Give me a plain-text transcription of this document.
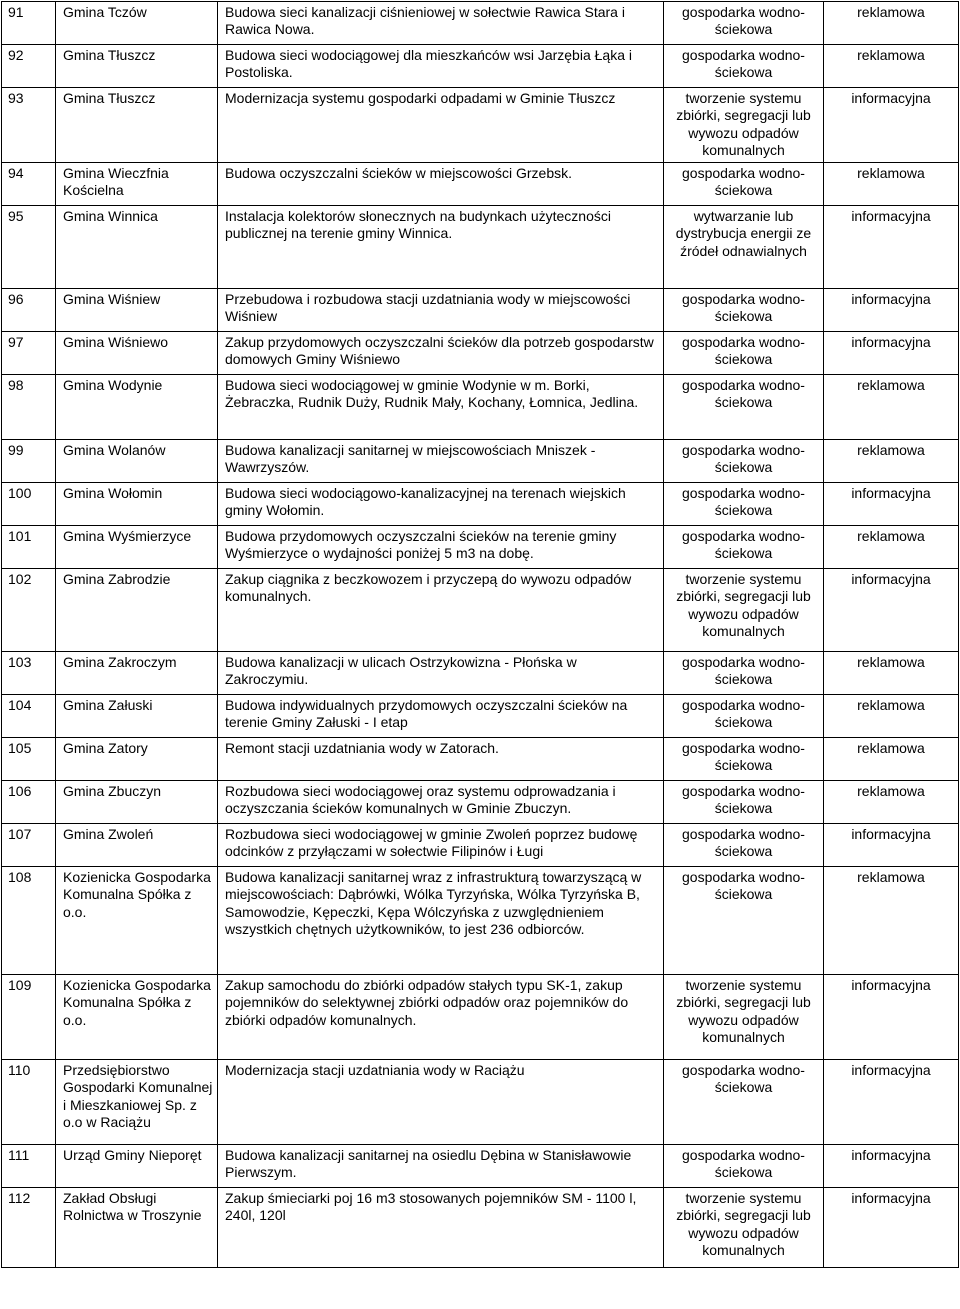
91	Gmina Tczów	Budowa sieci kanalizacji ciśnieniowej w sołectwie Rawica Stara i Rawica Nowa.	gospodarka wodno-ściekowa	reklamowa
92	Gmina Tłuszcz	Budowa sieci wodociągowej dla mieszkańców wsi Jarzębia Łąka i Postoliska.	gospodarka wodno-ściekowa	reklamowa
93	Gmina Tłuszcz	Modernizacja systemu gospodarki odpadami w Gminie Tłuszcz	tworzenie systemu zbiórki, segregacji lub wywozu odpadów komunalnych	informacyjna
94	Gmina Wieczfnia Kościelna	Budowa oczyszczalni ścieków w miejscowości Grzebsk.	gospodarka wodno-ściekowa	reklamowa
95	Gmina Winnica	Instalacja kolektorów słonecznych na budynkach użyteczności publicznej na terenie gminy Winnica.	wytwarzanie lub dystrybucja energii ze źródeł odnawialnych	informacyjna
96	Gmina Wiśniew	Przebudowa i rozbudowa stacji uzdatniania wody w miejscowości Wiśniew	gospodarka wodno-ściekowa	informacyjna
97	Gmina Wiśniewo	Zakup przydomowych oczyszczalni ścieków dla potrzeb gospodarstw domowych Gminy Wiśniewo	gospodarka wodno-ściekowa	informacyjna
98	Gmina Wodynie	Budowa sieci wodociągowej w gminie Wodynie w m. Borki, Żebraczka, Rudnik Duży, Rudnik Mały, Kochany, Łomnica, Jedlina.	gospodarka wodno-ściekowa	reklamowa
99	Gmina Wolanów	Budowa kanalizacji sanitarnej w miejscowościach Mniszek - Wawrzyszów.	gospodarka wodno-ściekowa	reklamowa
100	Gmina Wołomin	Budowa sieci wodociągowo-kanalizacyjnej na terenach wiejskich gminy Wołomin.	gospodarka wodno-ściekowa	informacyjna
101	Gmina Wyśmierzyce	Budowa przydomowych oczyszczalni ścieków na terenie gminy Wyśmierzyce o wydajności poniżej 5 m3 na dobę.	gospodarka wodno-ściekowa	reklamowa
102	Gmina Zabrodzie	Zakup ciągnika z beczkowozem i przyczepą do wywozu odpadów komunalnych.	tworzenie systemu zbiórki, segregacji lub wywozu odpadów komunalnych	informacyjna
103	Gmina Zakroczym	Budowa kanalizacji w ulicach Ostrzykowizna - Płońska w Zakroczymiu.	gospodarka wodno-ściekowa	reklamowa
104	Gmina Załuski	Budowa indywidualnych przydomowych oczyszczalni ścieków na terenie Gminy Załuski - I etap	gospodarka wodno-ściekowa	reklamowa
105	Gmina Zatory	Remont stacji uzdatniania wody w Zatorach.	gospodarka wodno-ściekowa	reklamowa
106	Gmina Zbuczyn	Rozbudowa sieci wodociągowej oraz systemu odprowadzania i oczyszczania ścieków komunalnych w Gminie Zbuczyn.	gospodarka wodno-ściekowa	reklamowa
107	Gmina Zwoleń	Rozbudowa sieci wodociągowej w gminie Zwoleń poprzez budowę odcinków z przyłączami w sołectwie Filipinów i Ługi	gospodarka wodno-ściekowa	informacyjna
108	Kozienicka Gospodarka Komunalna Spółka z o.o.	Budowa kanalizacji sanitarnej wraz z infrastrukturą towarzyszącą w miejscowościach: Dąbrówki, Wólka Tyrzyńska, Wólka Tyrzyńska B, Samowodzie, Kępeczki, Kępa Wólczyńska z uzwględnieniem wszystkich chętnych użytkowników, to jest 236 odbiorców.	gospodarka wodno-ściekowa	reklamowa
109	Kozienicka Gospodarka Komunalna Spółka z o.o.	Zakup samochodu do zbiórki odpadów stałych typu SK-1, zakup pojemników do selektywnej zbiórki odpadów oraz pojemników do zbiórki odpadów komunalnych.	tworzenie systemu zbiórki, segregacji lub wywozu odpadów komunalnych	informacyjna
110	Przedsiębiorstwo Gospodarki Komunalnej i Mieszkaniowej Sp. z o.o w Raciążu	Modernizacja stacji uzdatniania wody w Raciążu	gospodarka wodno-ściekowa	informacyjna
111	Urząd Gminy Nieporęt	Budowa kanalizacji sanitarnej na osiedlu Dębina w Stanisławowie Pierwszym.	gospodarka wodno-ściekowa	informacyjna
112	Zakład Obsługi Rolnictwa w Troszynie	Zakup śmieciarki poj 16 m3 stosowanych pojemników SM - 1100 l, 240l, 120l	tworzenie systemu zbiórki, segregacji lub wywozu odpadów komunalnych	informacyjna
